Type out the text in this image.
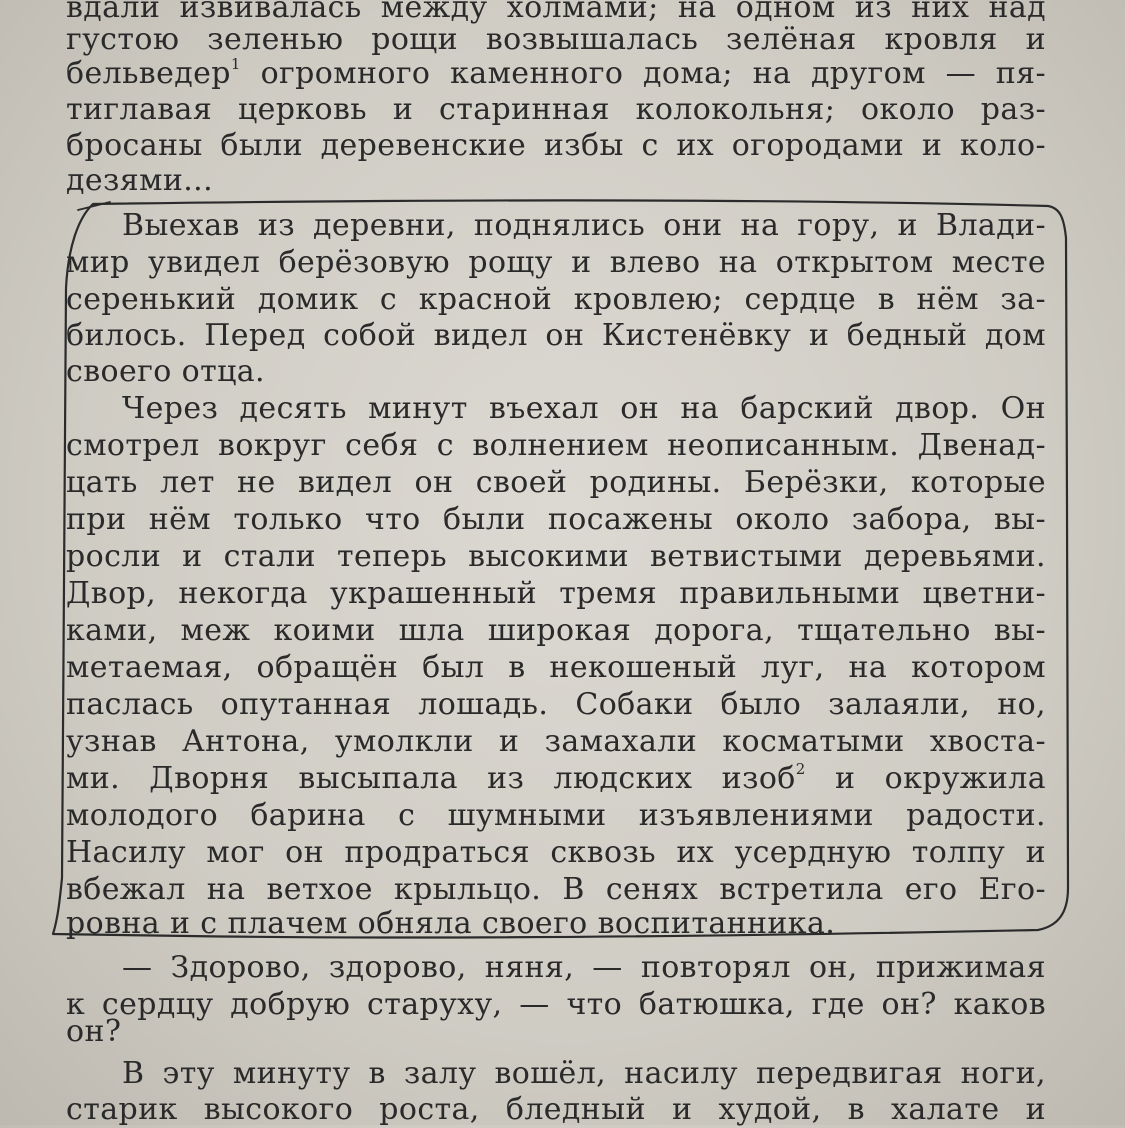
вдали извивалась между холмами; на одном из них над
густою зеленью рощи возвышалась зелёная кровля и
бельведер$^1$ огромного каменного дома; на другом — пя-
тиглавая церковь и старинная колокольня; около раз-
бросаны были деревенские избы с их огородами и коло-
дезями...
Выехав из деревни, поднялись они на гору, и Влади-
мир увидел берёзовую рощу и влево на открытом месте
серенький домик с красной кровлею; сердце в нём за-
билось. Перед собой видел он Кистенёвку и бедный дом
своего отца.
Через десять минут въехал он на барский двор. Он
смотрел вокруг себя с волнением неописанным. Двенад-
цать лет не видел он своей родины. Берёзки, которые
при нём только что были посажены около забора, вы-
росли и стали теперь высокими ветвистыми деревьями.
Двор, некогда украшенный тремя правильными цветни-
ками, меж коими шла широкая дорога, тщательно вы-
метаемая, обращён был в некошеный луг, на котором
паслась опутанная лошадь. Собаки было залаяли, но,
узнав Антона, умолкли и замахали косматыми хвоста-
ми. Дворня высыпала из людских изоб$^2$ и окружила
молодого барина с шумными изъявлениями радости.
Насилу мог он продраться сквозь их усердную толпу и
вбежал на ветхое крыльцо. В сенях встретила его Его-
ровна и с плачем обняла своего воспитанника.
— Здорово, здорово, няня, — повторял он, прижимая
к сердцу добрую старуху, — что батюшка, где он? каков
он?
В эту минуту в залу вошёл, насилу передвигая ноги,
старик высокого роста, бледный и худой, в халате и
